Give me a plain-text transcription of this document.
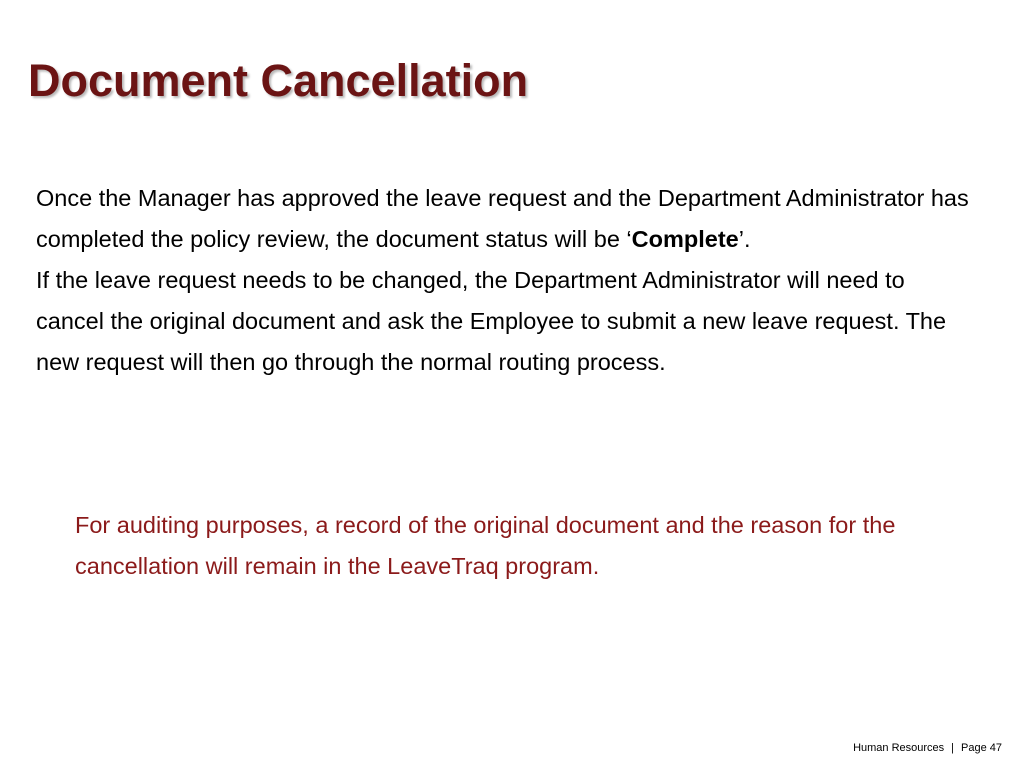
Document Cancellation

Once the Manager has approved the leave request and the Department Administrator has completed the policy review, the document status will be ‘Complete’.

If the leave request needs to be changed, the Department Administrator will need to cancel the original document and ask the Employee to submit a new leave request. The new request will then go through the normal routing process.

For auditing purposes, a record of the original document and the reason for the cancellation will remain in the LeaveTraq program.

Human Resources | Page 47
